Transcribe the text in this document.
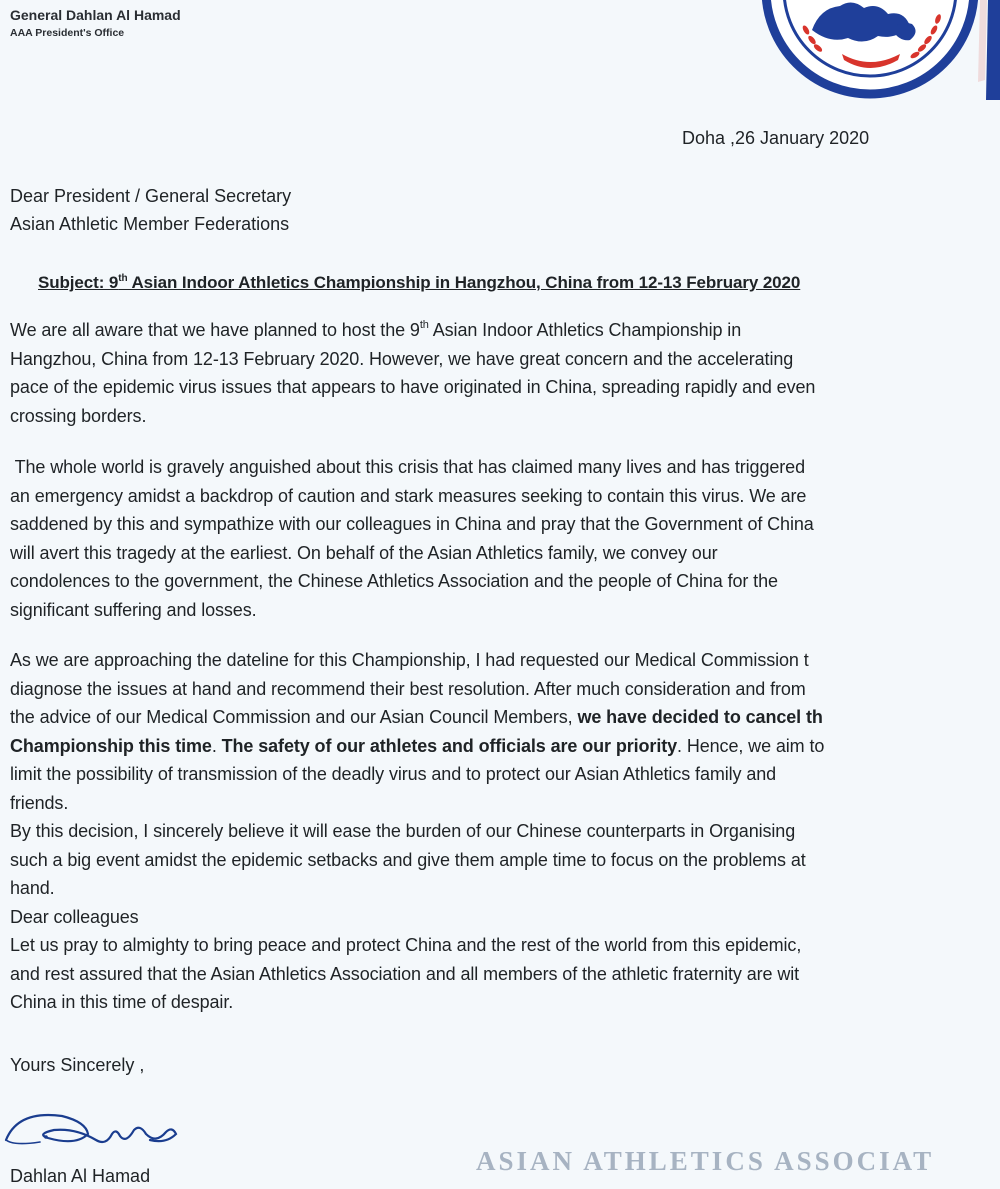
General Dahlan Al Hamad
AAA President's Office
Doha ,26 January 2020
Dear President / General Secretary
Asian Athletic Member Federations
Subject: 9th Asian Indoor Athletics Championship in Hangzhou, China from 12-13 February 2020
We are all aware that we have planned to host the 9th Asian Indoor Athletics Championship in
Hangzhou, China from 12-13 February 2020. However, we have great concern and the accelerating
pace of the epidemic virus issues that appears to have originated in China, spreading rapidly and even
crossing borders.
The whole world is gravely anguished about this crisis that has claimed many lives and has triggered
an emergency amidst a backdrop of caution and stark measures seeking to contain this virus. We are
saddened by this and sympathize with our colleagues in China and pray that the Government of China
will avert this tragedy at the earliest. On behalf of the Asian Athletics family, we convey our
condolences to the government, the Chinese Athletics Association and the people of China for the
significant suffering and losses.
As we are approaching the dateline for this Championship, I had requested our Medical Commission t
diagnose the issues at hand and recommend their best resolution. After much consideration and from
the advice of our Medical Commission and our Asian Council Members, we have decided to cancel th
Championship this time. The safety of our athletes and officials are our priority. Hence, we aim to
limit the possibility of transmission of the deadly virus and to protect our Asian Athletics family and
friends.
By this decision, I sincerely believe it will ease the burden of our Chinese counterparts in Organising
such a big event amidst the epidemic setbacks and give them ample time to focus on the problems at
hand.
Dear colleagues
Let us pray to almighty to bring peace and protect China and the rest of the world from this epidemic,
and rest assured that the Asian Athletics Association and all members of the athletic fraternity are wit
China in this time of despair.
Yours Sincerely ,
Dahlan Al Hamad	ASIAN ATHLETICS ASSOCIAT
